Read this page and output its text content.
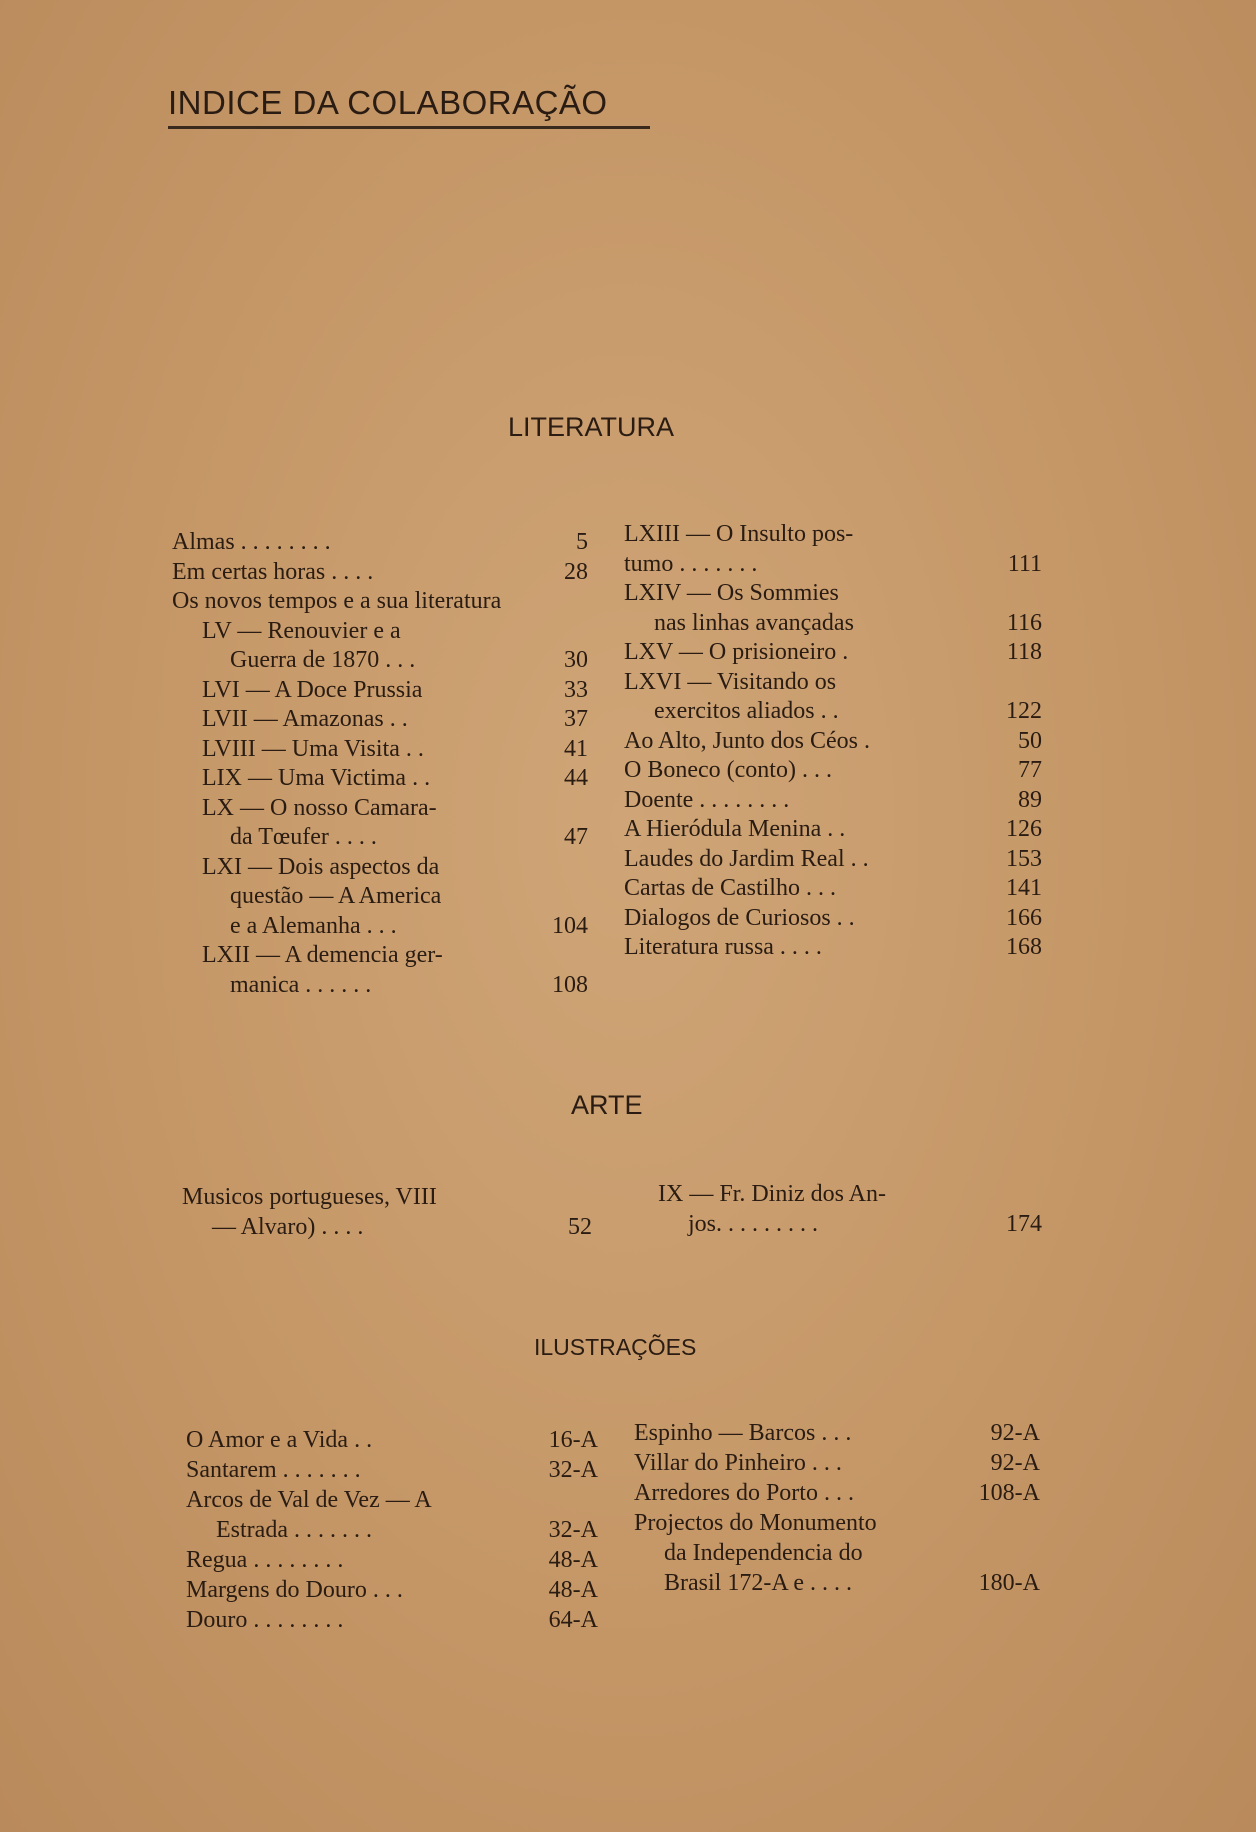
INDICE DA COLABORAÇÃO
LITERATURA
Almas . . . . . . . .	5
Em certas horas . . . .	28
Os novos tempos e a sua literatura
LV — Renouvier e a
Guerra de 1870 . . .	30
LVI — A Doce Prussia	33
LVII — Amazonas . .	37
LVIII — Uma Visita . .	41
LIX — Uma Victima . .	44
LX — O nosso Camara-
da Tœufer . . . .	47
LXI — Dois aspectos da
questão — A America
e a Alemanha . . .	104
LXII — A demencia ger-
manica . . . . . .	108
LXIII — O Insulto pos-
tumo . . . . . . .	111
LXIV — Os Sommies
nas linhas avançadas	116
LXV — O prisioneiro .	118
LXVI — Visitando os
exercitos aliados . .	122
Ao Alto, Junto dos Céos .	50
O Boneco (conto) . . .	77
Doente . . . . . . . .	89
A Hieródula Menina . .	126
Laudes do Jardim Real . .	153
Cartas de Castilho . . .	141
Dialogos de Curiosos . .	166
Literatura russa . . . .	168
ARTE
Musicos portugueses, VIII
— Alvaro) . . . .	52
IX — Fr. Diniz dos An-
jos. . . . . . . . .	174
ILUSTRAÇÕES
O Amor e a Vida . .	16-A
Santarem . . . . . . .	32-A
Arcos de Val de Vez — A
Estrada . . . . . . .	32-A
Regua . . . . . . . .	48-A
Margens do Douro . . .	48-A
Douro . . . . . . . .	64-A
Espinho — Barcos . . .	92-A
Villar do Pinheiro . . .	92-A
Arredores do Porto . . .	108-A
Projectos do Monumento
da Independencia do
Brasil 172-A e . . . .	180-A
